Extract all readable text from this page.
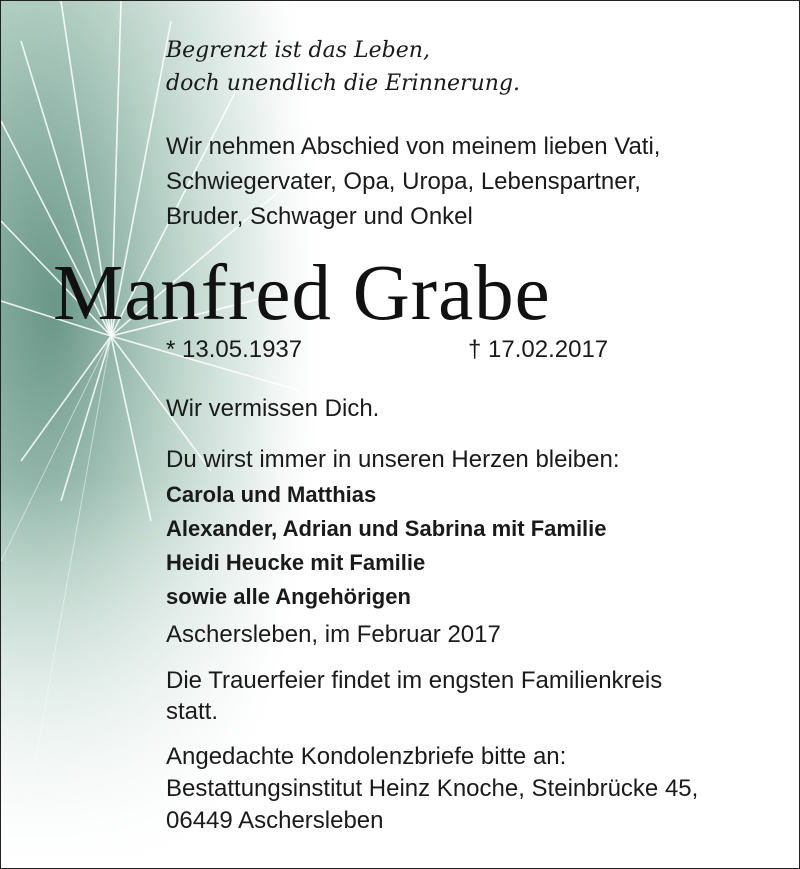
Begrenzt ist das Leben,
doch unendlich die Erinnerung.
Wir nehmen Abschied von meinem lieben Vati,
Schwiegervater, Opa, Uropa, Lebenspartner,
Bruder, Schwager und Onkel
Manfred Grabe
* 13.05.1937	† 17.02.2017
Wir vermissen Dich.
Du wirst immer in unseren Herzen bleiben:
Carola und Matthias
Alexander, Adrian und Sabrina mit Familie
Heidi Heucke mit Familie
sowie alle Angehörigen
Aschersleben, im Februar 2017
Die Trauerfeier findet im engsten Familienkreis
statt.
Angedachte Kondolenzbriefe bitte an:
Bestattungsinstitut Heinz Knoche, Steinbrücke 45,
06449 Aschersleben
